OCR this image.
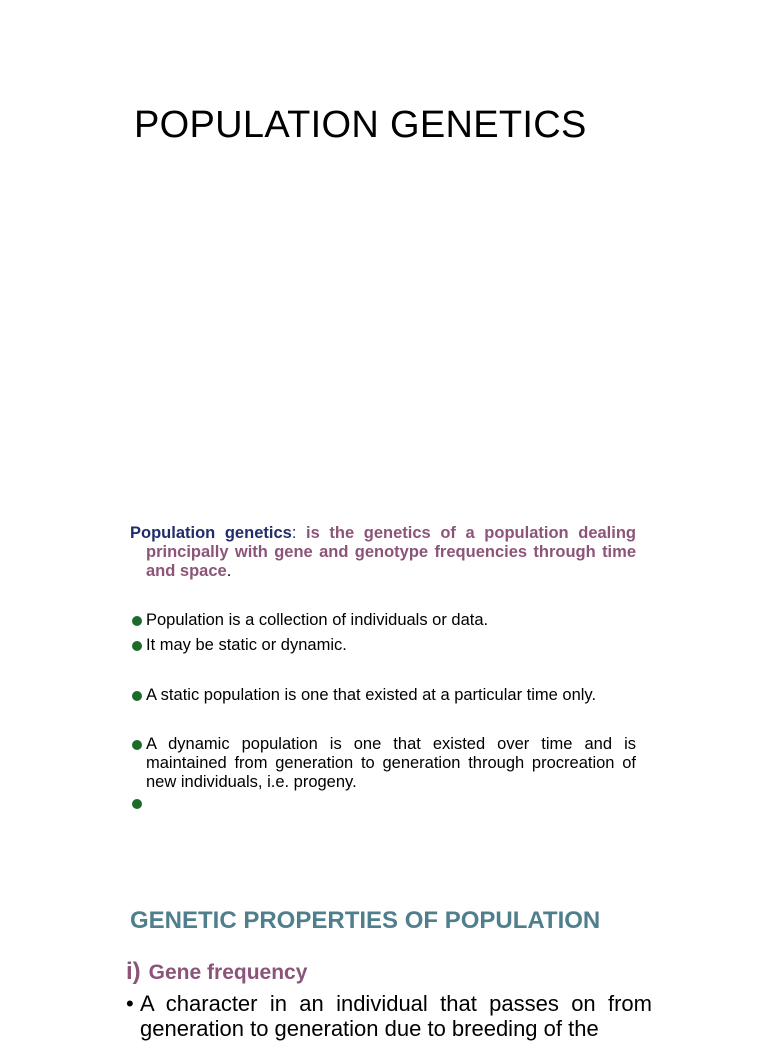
POPULATION GENETICS
Population genetics: is the genetics of a population dealing principally with gene and genotype frequencies through time and space.
Population is a collection of individuals or data.
It may be static or dynamic.
A static population is one that existed at a particular time only.
A dynamic population is one that existed over time and is maintained from generation to generation through procreation of new individuals, i.e. progeny.
GENETIC PROPERTIES OF POPULATION
i) Gene frequency
• A character in an individual that passes on from generation to generation due to breeding of the
